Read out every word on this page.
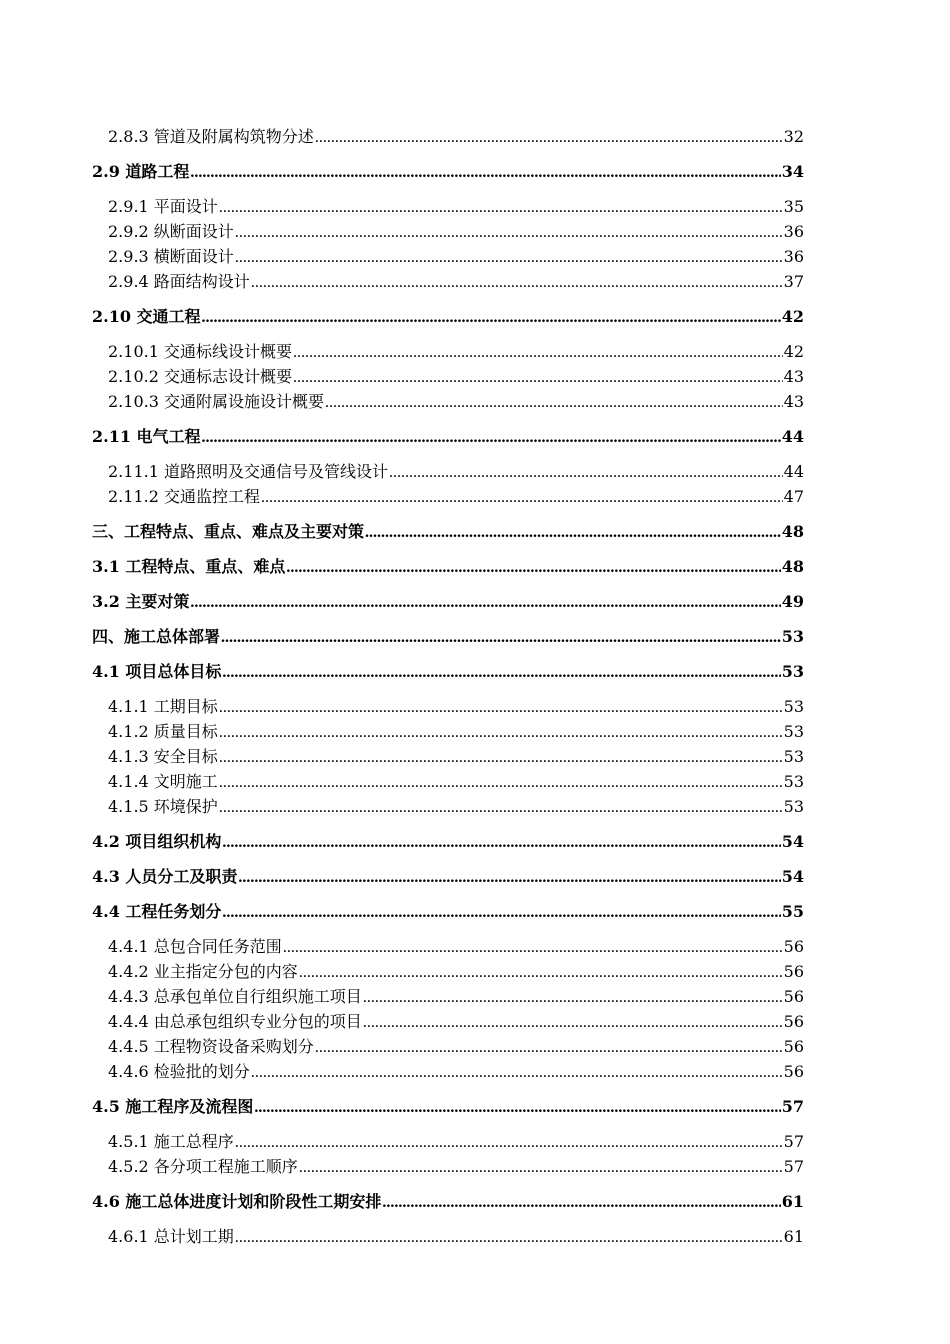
2.8.3 管道及附属构筑物分述 .....	32
2.9 道路工程 .....	34
2.9.1 平面设计 .....	35
2.9.2 纵断面设计 .....	36
2.9.3 横断面设计 .....	36
2.9.4 路面结构设计 .....	37
2.10 交通工程 .....	42
2.10.1 交通标线设计概要 .....	42
2.10.2 交通标志设计概要 .....	43
2.10.3 交通附属设施设计概要 .....	43
2.11 电气工程 .....	44
2.11.1 道路照明及交通信号及管线设计 .....	44
2.11.2 交通监控工程 .....	47
三、工程特点、重点、难点及主要对策 .....	48
3.1 工程特点、重点、难点 .....	48
3.2 主要对策 .....	49
四、施工总体部署 .....	53
4.1 项目总体目标 .....	53
4.1.1 工期目标 .....	53
4.1.2 质量目标 .....	53
4.1.3 安全目标 .....	53
4.1.4 文明施工 .....	53
4.1.5 环境保护 .....	53
4.2 项目组织机构 .....	54
4.3 人员分工及职责 .....	54
4.4 工程任务划分 .....	55
4.4.1 总包合同任务范围 .....	56
4.4.2 业主指定分包的内容 .....	56
4.4.3 总承包单位自行组织施工项目 .....	56
4.4.4 由总承包组织专业分包的项目 .....	56
4.4.5 工程物资设备采购划分 .....	56
4.4.6 检验批的划分 .....	56
4.5 施工程序及流程图 .....	57
4.5.1 施工总程序 .....	57
4.5.2 各分项工程施工顺序 .....	57
4.6 施工总体进度计划和阶段性工期安排 .....	61
4.6.1 总计划工期 .....	61
